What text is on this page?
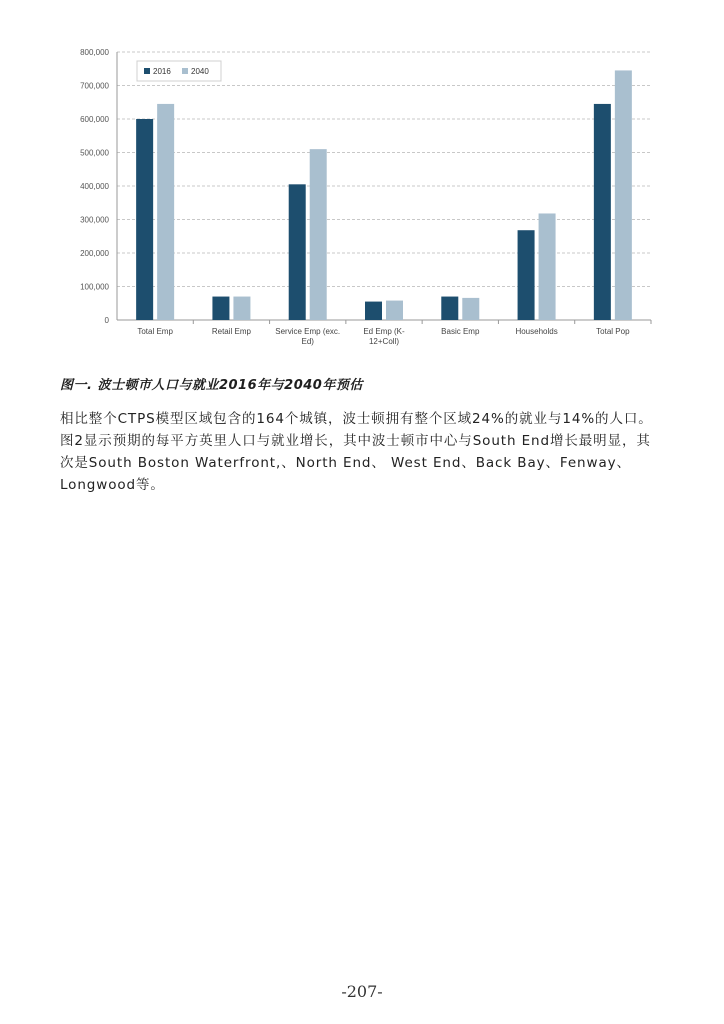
0
100,000
200,000
300,000
400,000
500,000
600,000
700,000
800,000
Total Emp	Retail Emp	Service Emp (exc.
Ed)
Ed Emp (K-
12+Coll)
Basic Emp	Households	Total Pop
2016	2040
图一. 波士顿市人口与就业2016年与2040年预估
相比整个CTPS模型区域包含的164个城镇，波士顿拥有整个区域24%的就业与14%的人口。图2显示预期的每平方英里人口与就业增长，其中波士顿市中心与South End增长最明显，其次是South Boston Waterfront,、North End、 West End、Back Bay、Fenway、Longwood等。
-207-
